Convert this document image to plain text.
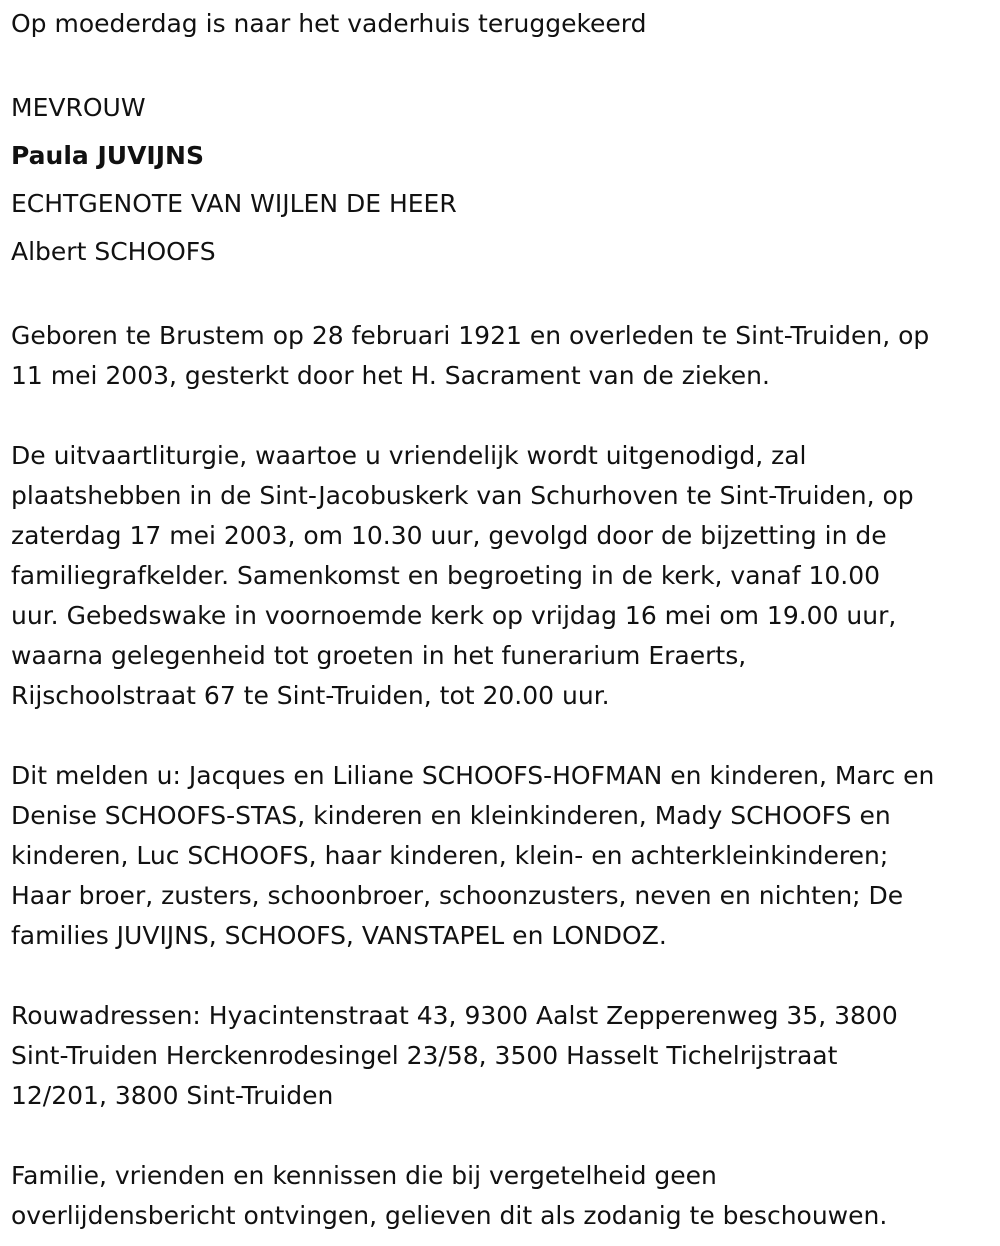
Op moederdag is naar het vaderhuis teruggekeerd

MEVROUW
Paula JUVIJNS
ECHTGENOTE VAN WIJLEN DE HEER
Albert SCHOOFS

Geboren te Brustem op 28 februari 1921 en overleden te Sint-Truiden, op
11 mei 2003, gesterkt door het H. Sacrament van de zieken.

De uitvaartliturgie, waartoe u vriendelijk wordt uitgenodigd, zal
plaatshebben in de Sint-Jacobuskerk van Schurhoven te Sint-Truiden, op
zaterdag 17 mei 2003, om 10.30 uur, gevolgd door de bijzetting in de
familiegrafkelder. Samenkomst en begroeting in de kerk, vanaf 10.00
uur. Gebedswake in voornoemde kerk op vrijdag 16 mei om 19.00 uur,
waarna gelegenheid tot groeten in het funerarium Eraerts,
Rijschoolstraat 67 te Sint-Truiden, tot 20.00 uur.

Dit melden u: Jacques en Liliane SCHOOFS-HOFMAN en kinderen, Marc en
Denise SCHOOFS-STAS, kinderen en kleinkinderen, Mady SCHOOFS en
kinderen, Luc SCHOOFS, haar kinderen, klein- en achterkleinkinderen;
Haar broer, zusters, schoonbroer, schoonzusters, neven en nichten; De
families JUVIJNS, SCHOOFS, VANSTAPEL en LONDOZ.

Rouwadressen: Hyacintenstraat 43, 9300 Aalst Zepperenweg 35, 3800
Sint-Truiden Herckenrodesingel 23/58, 3500 Hasselt Tichelrijstraat
12/201, 3800 Sint-Truiden

Familie, vrienden en kennissen die bij vergetelheid geen
overlijdensbericht ontvingen, gelieven dit als zodanig te beschouwen.
